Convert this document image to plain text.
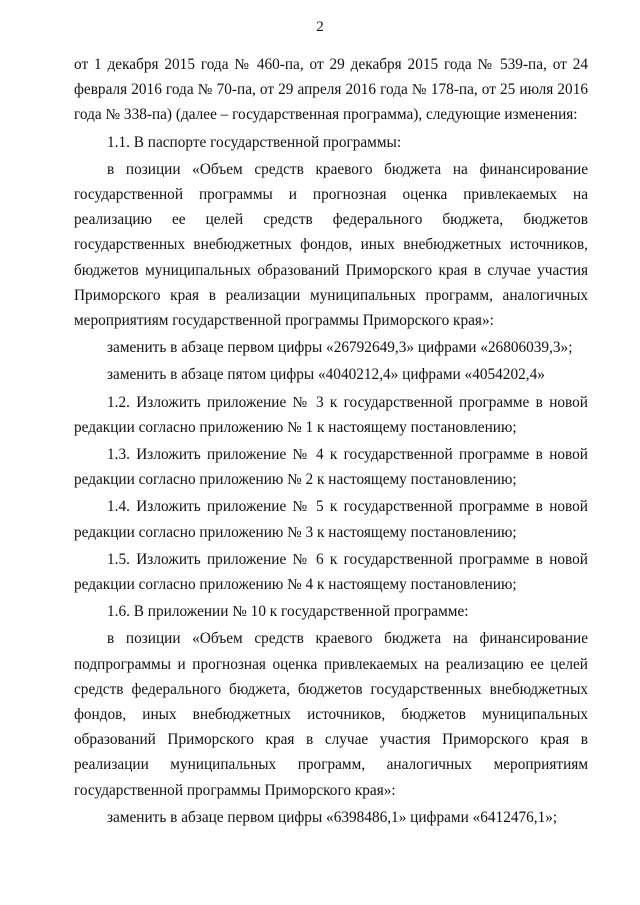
2

от 1 декабря 2015 года № 460-па, от 29 декабря 2015 года № 539-па, от 24 февраля 2016 года № 70-па, от 29 апреля 2016 года № 178-па, от 25 июля 2016 года № 338-па) (далее – государственная программа), следующие изменения:

1.1. В паспорте государственной программы:

в позиции «Объем средств краевого бюджета на финансирование государственной программы и прогнозная оценка привлекаемых на реализацию ее целей средств федерального бюджета, бюджетов государственных внебюджетных фондов, иных внебюджетных источников, бюджетов муниципальных образований Приморского края в случае участия Приморского края в реализации муниципальных программ, аналогичных мероприятиям государственной программы Приморского края»:

заменить в абзаце первом цифры «26792649,3» цифрами «26806039,3»;

заменить в абзаце пятом цифры «4040212,4» цифрами «4054202,4»

1.2. Изложить приложение № 3 к государственной программе в новой редакции согласно приложению № 1 к настоящему постановлению;

1.3. Изложить приложение № 4 к государственной программе в новой редакции согласно приложению № 2 к настоящему постановлению;

1.4. Изложить приложение № 5 к государственной программе в новой редакции согласно приложению № 3 к настоящему постановлению;

1.5. Изложить приложение № 6 к государственной программе в новой редакции согласно приложению № 4 к настоящему постановлению;

1.6. В приложении № 10 к государственной программе:

в позиции «Объем средств краевого бюджета на финансирование подпрограммы и прогнозная оценка привлекаемых на реализацию ее целей средств федерального бюджета, бюджетов государственных внебюджетных фондов, иных внебюджетных источников, бюджетов муниципальных образований Приморского края в случае участия Приморского края в реализации муниципальных программ, аналогичных мероприятиям государственной программы Приморского края»:

заменить в абзаце первом цифры «6398486,1» цифрами «6412476,1»;
